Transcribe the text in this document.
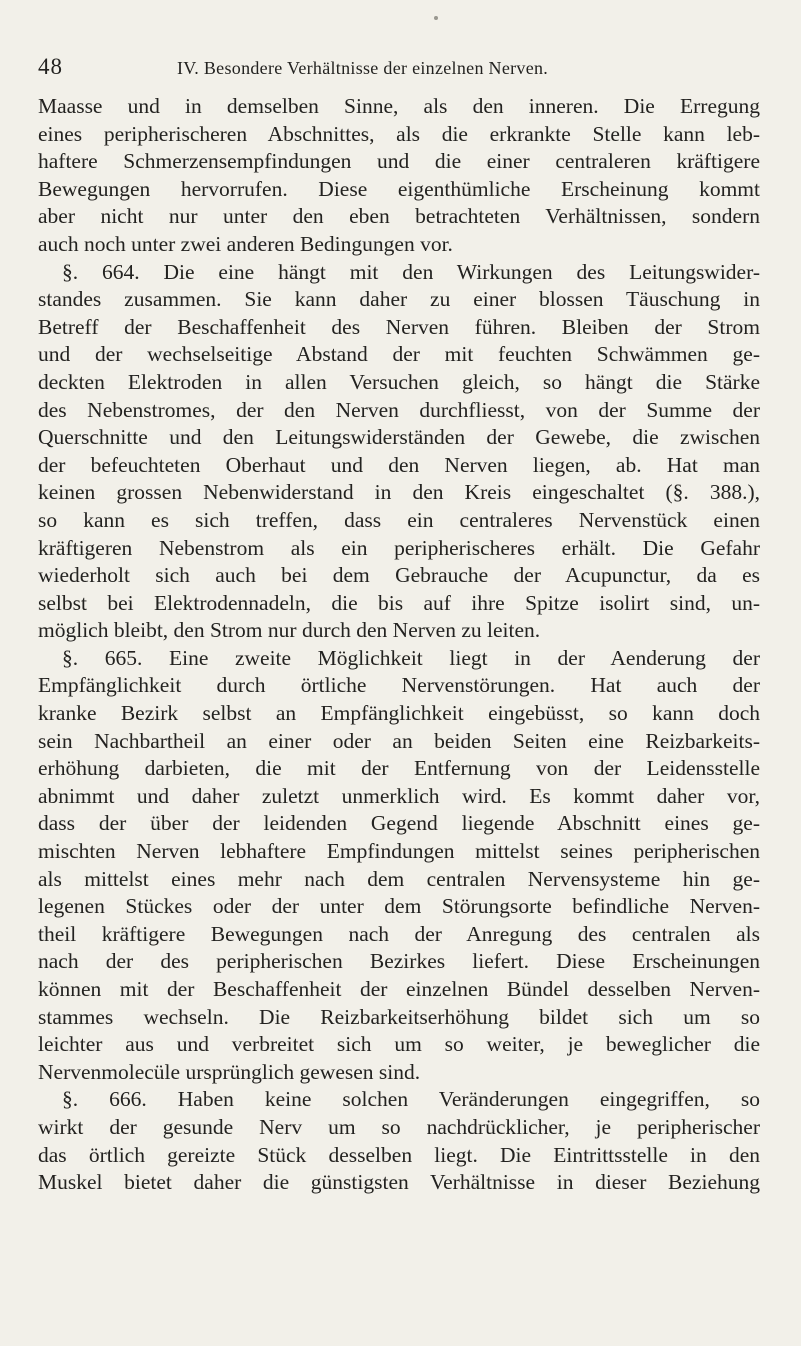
48	IV. Besondere Verhältnisse der einzelnen Nerven.
Maasse und in demselben Sinne, als den inneren. Die Erregung
eines peripherischeren Abschnittes, als die erkrankte Stelle kann leb-
haftere Schmerzensempfindungen und die einer centraleren kräftigere
Bewegungen hervorrufen. Diese eigenthümliche Erscheinung kommt
aber nicht nur unter den eben betrachteten Verhältnissen, sondern
auch noch unter zwei anderen Bedingungen vor.
§. 664. Die eine hängt mit den Wirkungen des Leitungswider-
standes zusammen. Sie kann daher zu einer blossen Täuschung in
Betreff der Beschaffenheit des Nerven führen. Bleiben der Strom
und der wechselseitige Abstand der mit feuchten Schwämmen ge-
deckten Elektroden in allen Versuchen gleich, so hängt die Stärke
des Nebenstromes, der den Nerven durchfliesst, von der Summe der
Querschnitte und den Leitungswiderständen der Gewebe, die zwischen
der befeuchteten Oberhaut und den Nerven liegen, ab. Hat man
keinen grossen Nebenwiderstand in den Kreis eingeschaltet (§. 388.),
so kann es sich treffen, dass ein centraleres Nervenstück einen
kräftigeren Nebenstrom als ein peripherischeres erhält. Die Gefahr
wiederholt sich auch bei dem Gebrauche der Acupunctur, da es
selbst bei Elektrodennadeln, die bis auf ihre Spitze isolirt sind, un-
möglich bleibt, den Strom nur durch den Nerven zu leiten.
§. 665. Eine zweite Möglichkeit liegt in der Aenderung der
Empfänglichkeit durch örtliche Nervenstörungen. Hat auch der
kranke Bezirk selbst an Empfänglichkeit eingebüsst, so kann doch
sein Nachbartheil an einer oder an beiden Seiten eine Reizbarkeits-
erhöhung darbieten, die mit der Entfernung von der Leidensstelle
abnimmt und daher zuletzt unmerklich wird. Es kommt daher vor,
dass der über der leidenden Gegend liegende Abschnitt eines ge-
mischten Nerven lebhaftere Empfindungen mittelst seines peripherischen
als mittelst eines mehr nach dem centralen Nervensysteme hin ge-
legenen Stückes oder der unter dem Störungsorte befindliche Nerven-
theil kräftigere Bewegungen nach der Anregung des centralen als
nach der des peripherischen Bezirkes liefert. Diese Erscheinungen
können mit der Beschaffenheit der einzelnen Bündel desselben Nerven-
stammes wechseln. Die Reizbarkeitserhöhung bildet sich um so
leichter aus und verbreitet sich um so weiter, je beweglicher die
Nervenmolecüle ursprünglich gewesen sind.
§. 666. Haben keine solchen Veränderungen eingegriffen, so
wirkt der gesunde Nerv um so nachdrücklicher, je peripherischer
das örtlich gereizte Stück desselben liegt. Die Eintrittsstelle in den
Muskel bietet daher die günstigsten Verhältnisse in dieser Beziehung
